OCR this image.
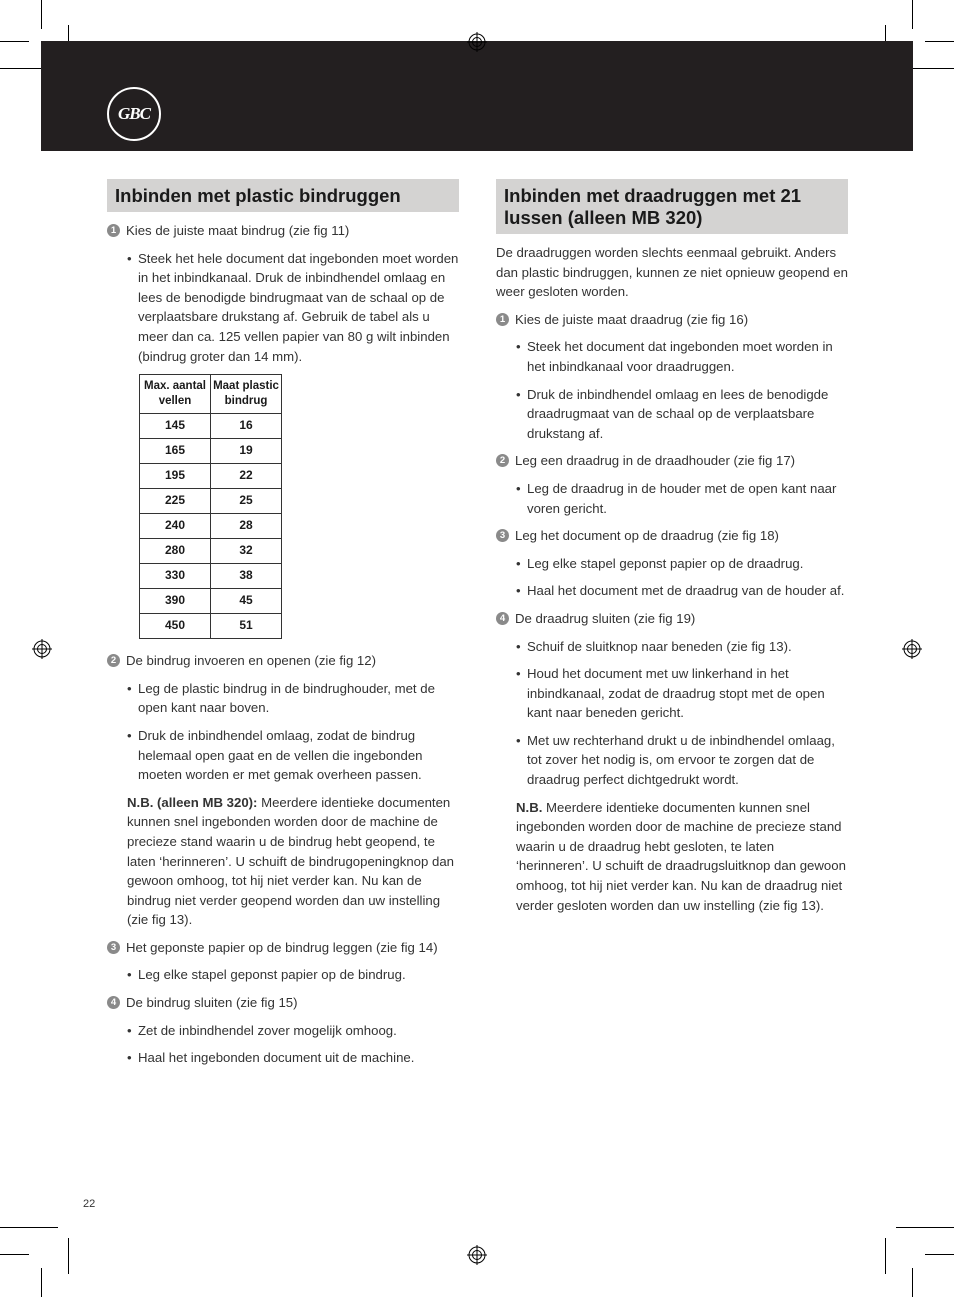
GBC
Inbinden met plastic bindruggen
1 Kies de juiste maat bindrug (zie fig 11)
• Steek het hele document dat ingebonden moet worden in het inbindkanaal. Druk de inbindhendel omlaag en lees de benodigde bindrugmaat van de schaal op de verplaatsbare drukstang af. Gebruik de tabel als u meer dan ca. 125 vellen papier van 80 g wilt inbinden (bindrug groter dan 14 mm).
Max. aantal vellen	Maat plastic bindrug
145	16
165	19
195	22
225	25
240	28
280	32
330	38
390	45
450	51
2 De bindrug invoeren en openen (zie fig 12)
• Leg de plastic bindrug in de bindrughouder, met de open kant naar boven.
• Druk de inbindhendel omlaag, zodat de bindrug helemaal open gaat en de vellen die ingebonden moeten worden er met gemak overheen passen.
N.B. (alleen MB 320): Meerdere identieke documenten kunnen snel ingebonden worden door de machine de precieze stand waarin u de bindrug hebt geopend, te laten ‘herinneren’. U schuift de bindrugopeningknop dan gewoon omhoog, tot hij niet verder kan. Nu kan de bindrug niet verder geopend worden dan uw instelling (zie fig 13).
3 Het geponste papier op de bindrug leggen (zie fig 14)
• Leg elke stapel geponst papier op de bindrug.
4 De bindrug sluiten (zie fig 15)
• Zet de inbindhendel zover mogelijk omhoog.
• Haal het ingebonden document uit de machine.
Inbinden met draadruggen met 21 lussen (alleen MB 320)
De draadruggen worden slechts eenmaal gebruikt. Anders dan plastic bindruggen, kunnen ze niet opnieuw geopend en weer gesloten worden.
1 Kies de juiste maat draadrug (zie fig 16)
• Steek het document dat ingebonden moet worden in het inbindkanaal voor draadruggen.
• Druk de inbindhendel omlaag en lees de benodigde draadrugmaat van de schaal op de verplaatsbare drukstang af.
2 Leg een draadrug in de draadhouder (zie fig 17)
• Leg de draadrug in de houder met de open kant naar voren gericht.
3 Leg het document op de draadrug (zie fig 18)
• Leg elke stapel geponst papier op de draadrug.
• Haal het document met de draadrug van de houder af.
4 De draadrug sluiten (zie fig 19)
• Schuif de sluitknop naar beneden (zie fig 13).
• Houd het document met uw linkerhand in het inbindkanaal, zodat de draadrug stopt met de open kant naar beneden gericht.
• Met uw rechterhand drukt u de inbindhendel omlaag, tot zover het nodig is, om ervoor te zorgen dat de draadrug perfect dichtgedrukt wordt.
N.B. Meerdere identieke documenten kunnen snel ingebonden worden door de machine de precieze stand waarin u de draadrug hebt gesloten, te laten ‘herinneren’. U schuift de draadrugsluitknop dan gewoon omhoog, tot hij niet verder kan. Nu kan de draadrug niet verder gesloten worden dan uw instelling (zie fig 13).
22
